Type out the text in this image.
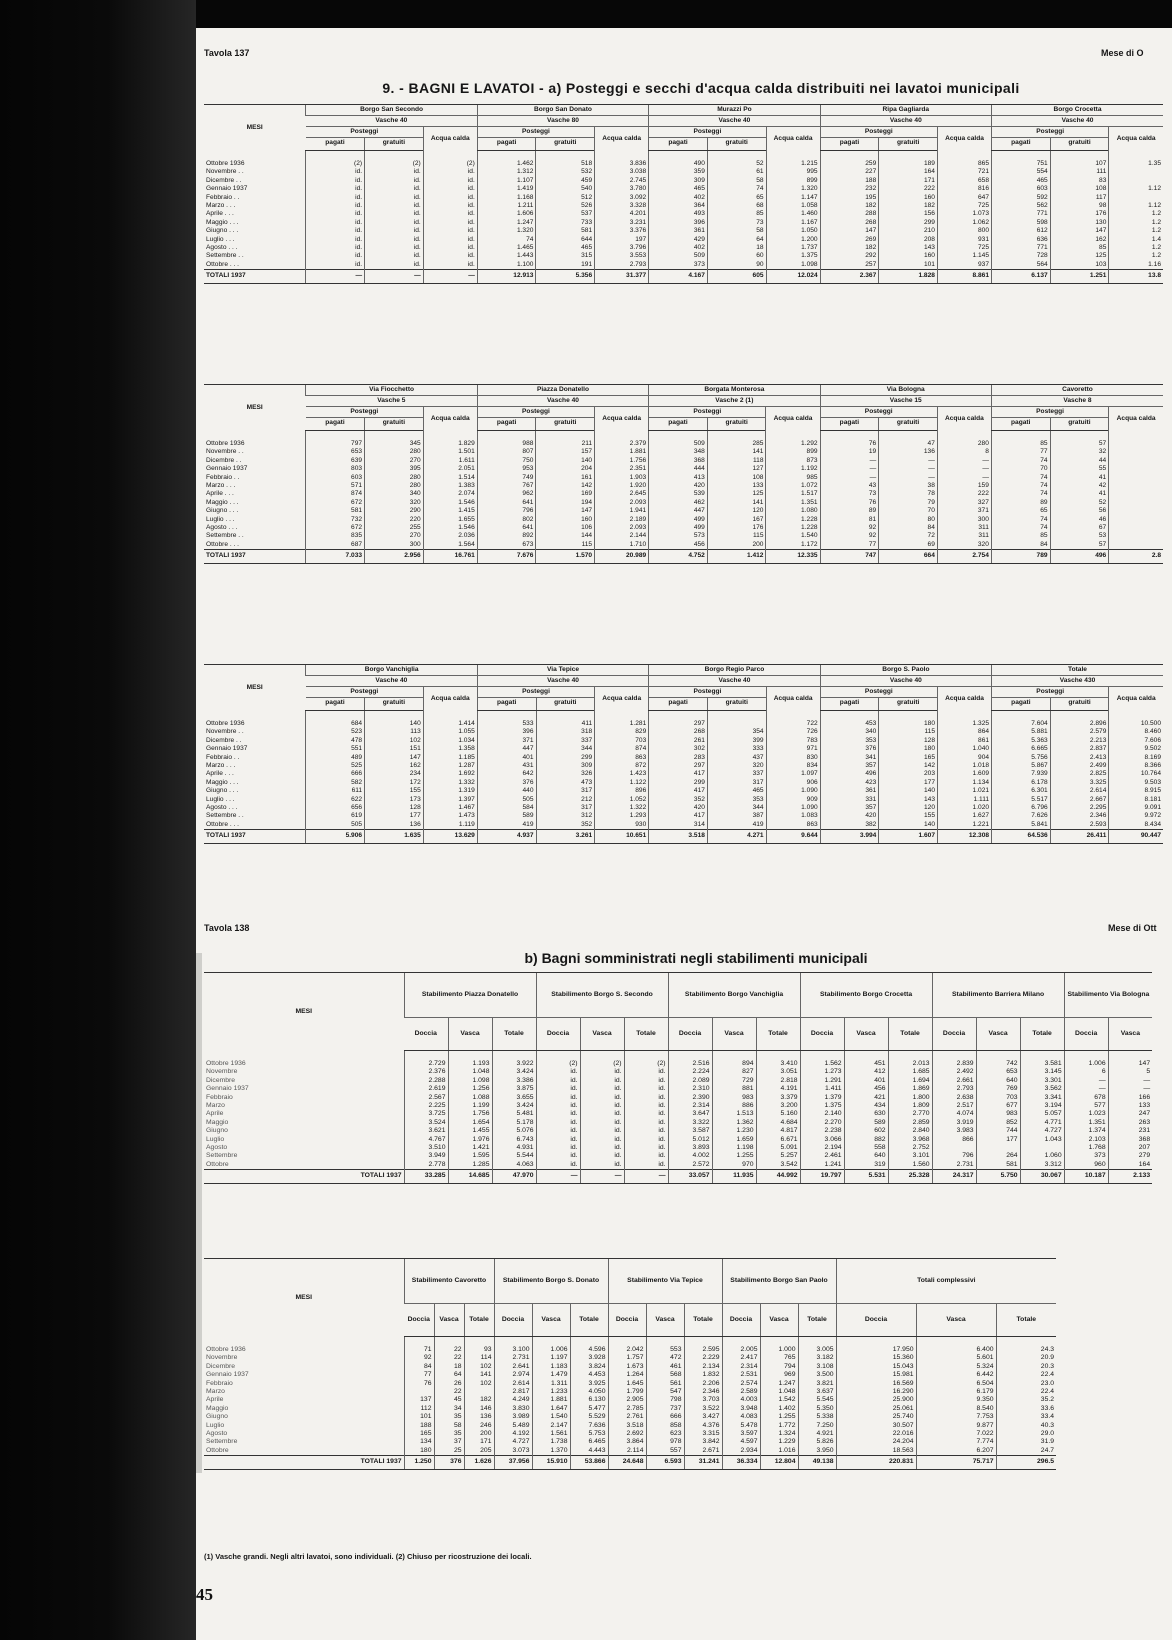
Tavola 137	Mese di O
9. - BAGNI E LAVATOI - a) Posteggi e secchi d'acqua calda distribuiti nei lavatoi municipali
MESI	Borgo San Secondo			Borgo San Donato			Murazzi Po			Ripa Gagliarda			Borgo Crocetta		
	Vasche 40			Vasche 80			Vasche 40			Vasche 40			Vasche 40		
	Posteggi		Acqua calda	Posteggi		Acqua calda	Posteggi		Acqua calda	Posteggi		Acqua calda	Posteggi		Acqua calda
	pagati	gratuiti		pagati	gratuiti		pagati	gratuiti		pagati	gratuiti		pagati	gratuiti	
Ottobre 1936	(2)	(2)	(2)	1.462	518	3.836	490	52	1.215	259	189	865	751	107	1.35
Novembre . .	id.	id.	id.	1.312	532	3.038	359	61	995	227	164	721	554	111	
Dicembre . .	id.	id.	id.	1.107	459	2.745	309	58	899	188	171	658	465	83	
Gennaio 1937	id.	id.	id.	1.419	540	3.780	465	74	1.320	232	222	816	603	108	1.12
Febbraio . .	id.	id.	id.	1.168	512	3.092	402	65	1.147	195	160	647	592	117	
Marzo . . .	id.	id.	id.	1.211	526	3.328	364	68	1.058	182	182	725	562	98	1.12
Aprile . . .	id.	id.	id.	1.606	537	4.201	493	85	1.460	288	156	1.073	771	176	1.2
Maggio . . .	id.	id.	id.	1.247	733	3.231	396	73	1.167	268	299	1.062	598	130	1.2
Giugno . . .	id.	id.	id.	1.320	581	3.376	361	58	1.050	147	210	800	612	147	1.2
Luglio . . .	id.	id.	id.	74	644	197	429	64	1.200	269	208	931	636	162	1.4
Agosto . . .	id.	id.	id.	1.465	465	3.796	402	18	1.737	182	143	725	771	85	1.2
Settembre . .	id.	id.	id.	1.443	315	3.553	509	60	1.375	292	160	1.145	728	125	1.2
Ottobre . . .	id.	id.	id.	1.100	191	2.793	373	90	1.098	257	101	937	564	103	1.16
TOTALI 1937	—	—	—	12.913	5.356	31.377	4.167	605	12.024	2.367	1.828	8.861	6.137	1.251	13.8
MESI	Via Fiocchetto			Piazza Donatello			Borgata Monterosa			Via Bologna			Cavoretto		
	Vasche 5			Vasche 40			Vasche 2 (1)			Vasche 15			Vasche 8		
	Posteggi		Acqua calda	Posteggi		Acqua calda	Posteggi		Acqua calda	Posteggi		Acqua calda	Posteggi		Acqua calda
	pagati	gratuiti		pagati	gratuiti		pagati	gratuiti		pagati	gratuiti		pagati	gratuiti	
Ottobre 1936	797	345	1.829	988	211	2.379	509	285	1.292	76	47	280	85	57	
Novembre . .	653	280	1.501	807	157	1.881	348	141	899	19	136	8	77	32	
Dicembre . .	639	270	1.611	750	140	1.756	368	118	873	—	—	—	74	44	
Gennaio 1937	803	395	2.051	953	204	2.351	444	127	1.192	—	—	—	70	55	
Febbraio . .	603	280	1.514	749	161	1.903	413	108	985	—	—	—	74	41	
Marzo . . .	571	280	1.383	767	142	1.920	420	133	1.072	43	38	159	74	42	
Aprile . . .	874	340	2.074	962	169	2.645	539	125	1.517	73	78	222	74	41	
Maggio . . .	672	320	1.546	641	194	2.093	462	141	1.351	76	79	327	89	52	
Giugno . . .	581	290	1.415	796	147	1.941	447	120	1.080	89	70	371	65	56	
Luglio . . .	732	220	1.655	802	160	2.189	499	167	1.228	81	80	300	74	46	
Agosto . . .	672	255	1.546	641	106	2.093	499	176	1.228	92	84	311	74	67	
Settembre . .	835	270	2.036	892	144	2.144	573	115	1.540	92	72	311	85	53	
Ottobre . . .	687	300	1.564	673	115	1.710	456	200	1.172	77	69	320	84	57	
TOTALI 1937	7.033	2.956	16.761	7.676	1.570	20.989	4.752	1.412	12.335	747	664	2.754	789	496	2.8
MESI	Borgo Vanchiglia			Via Tepice			Borgo Regio Parco			Borgo S. Paolo			Totale		
	Vasche 40			Vasche 40			Vasche 40			Vasche 40			Vasche 430		
	Posteggi		Acqua calda	Posteggi		Acqua calda	Posteggi		Acqua calda	Posteggi		Acqua calda	Posteggi		Acqua calda
	pagati	gratuiti		pagati	gratuiti		pagati	gratuiti		pagati	gratuiti		pagati	gratuiti	
Ottobre 1936	684	140	1.414	533	411	1.281	297		722	453	180	1.325	7.604	2.896	10.500
Novembre . .	523	113	1.055	396	318	829	268	354	726	340	115	864	5.881	2.579	8.460
Dicembre . .	478	102	1.034	371	337	703	261	399	783	353	128	861	5.363	2.213	7.606
Gennaio 1937	551	151	1.358	447	344	874	302	333	971	376	180	1.040	6.665	2.837	9.502
Febbraio . .	489	147	1.185	401	299	863	283	437	830	341	165	904	5.756	2.413	8.169
Marzo . . .	525	162	1.287	431	309	872	297	320	834	357	142	1.018	5.867	2.499	8.366
Aprile . . .	666	234	1.692	642	326	1.423	417	337	1.097	496	203	1.609	7.939	2.825	10.764
Maggio . . .	582	172	1.332	376	473	1.122	299	317	906	423	177	1.134	6.178	3.325	9.503
Giugno . . .	611	155	1.319	440	317	896	417	465	1.090	361	140	1.021	6.301	2.614	8.915
Luglio . . .	622	173	1.397	505	212	1.052	352	353	909	331	143	1.111	5.517	2.667	8.181
Agosto . . .	656	128	1.467	584	317	1.322	420	344	1.090	357	120	1.020	6.796	2.295	9.091
Settembre . .	619	177	1.473	589	312	1.293	417	387	1.083	420	155	1.627	7.626	2.346	9.972
Ottobre . . .	505	136	1.119	419	352	930	314	419	863	382	140	1.221	5.841	2.593	8.434
TOTALI 1937	5.906	1.635	13.629	4.937	3.261	10.651	3.518	4.271	9.644	3.994	1.607	12.308	64.536	26.411	90.447
Tavola 138	Mese di Ott
b) Bagni somministrati negli stabilimenti municipali
MESI	Stabilimento Piazza Donatello			Stabilimento Borgo S. Secondo			Stabilimento Borgo Vanchiglia			Stabilimento Borgo Crocetta			Stabilimento Barriera Milano			Stabilimento Via Bologna	
	Doccia	Vasca	Totale	Doccia	Vasca	Totale	Doccia	Vasca	Totale	Doccia	Vasca	Totale	Doccia	Vasca	Totale	Doccia	Vasca
Ottobre 1936	2.729	1.193	3.922	(2)	(2)	(2)	2.516	894	3.410	1.562	451	2.013	2.839	742	3.581	1.006	147
Novembre	2.376	1.048	3.424	id.	id.	id.	2.224	827	3.051	1.273	412	1.685	2.492	653	3.145	6	5
Dicembre	2.288	1.098	3.386	id.	id.	id.	2.089	729	2.818	1.291	401	1.694	2.661	640	3.301	—	—
Gennaio 1937	2.619	1.256	3.875	id.	id.	id.	2.310	881	4.191	1.411	456	1.869	2.793	769	3.562	—	—
Febbraio	2.567	1.088	3.655	id.	id.	id.	2.390	983	3.379	1.379	421	1.800	2.638	703	3.341	678	166
Marzo	2.225	1.199	3.424	id.	id.	id.	2.314	886	3.200	1.375	434	1.809	2.517	677	3.194	577	133
Aprile	3.725	1.756	5.481	id.	id.	id.	3.647	1.513	5.160	2.140	630	2.770	4.074	983	5.057	1.023	247
Maggio	3.524	1.654	5.178	id.	id.	id.	3.322	1.362	4.684	2.270	589	2.859	3.919	852	4.771	1.351	263
Giugno	3.621	1.455	5.076	id.	id.	id.	3.587	1.230	4.817	2.238	602	2.840	3.983	744	4.727	1.374	231
Luglio	4.767	1.976	6.743	id.	id.	id.	5.012	1.659	6.671	3.066	882	3.968	866	177	1.043	2.103	368
Agosto	3.510	1.421	4.931	id.	id.	id.	3.893	1.198	5.091	2.194	558	2.752				1.768	207
Settembre	3.949	1.595	5.544	id.	id.	id.	4.002	1.255	5.257	2.461	640	3.101	796	264	1.060	373	279
Ottobre	2.778	1.285	4.063	id.	id.	id.	2.572	970	3.542	1.241	319	1.560	2.731	581	3.312	960	164
TOTALI 1937	33.285	14.685	47.970	—	—	—	33.057	11.935	44.992	19.797	5.531	25.328	24.317	5.750	30.067	10.187	2.133
MESI	Stabilimento Cavoretto			Stabilimento Borgo S. Donato			Stabilimento Via Tepice			Stabilimento Borgo San Paolo			Totali complessivi		
	Doccia	Vasca	Totale	Doccia	Vasca	Totale	Doccia	Vasca	Totale	Doccia	Vasca	Totale	Doccia	Vasca	Totale
Ottobre 1936	71	22	93	3.100	1.006	4.596	2.042	553	2.595	2.005	1.000	3.005	17.950	6.400	24.3
Novembre	92	22	114	2.731	1.197	3.928	1.757	472	2.229	2.417	765	3.182	15.360	5.601	20.9
Dicembre	84	18	102	2.641	1.183	3.824	1.673	461	2.134	2.314	794	3.108	15.043	5.324	20.3
Gennaio 1937	77	64	141	2.974	1.479	4.453	1.264	568	1.832	2.531	969	3.500	15.981	6.442	22.4
Febbraio	76	26	102	2.614	1.311	3.925	1.645	561	2.206	2.574	1.247	3.821	16.569	6.504	23.0
Marzo		22		2.817	1.233	4.050	1.799	547	2.346	2.589	1.048	3.637	16.290	6.179	22.4
Aprile	137	45	182	4.249	1.881	6.130	2.905	798	3.703	4.003	1.542	5.545	25.900	9.350	35.2
Maggio	112	34	146	3.830	1.647	5.477	2.785	737	3.522	3.948	1.402	5.350	25.061	8.540	33.6
Giugno	101	35	136	3.989	1.540	5.529	2.761	666	3.427	4.083	1.255	5.338	25.740	7.753	33.4
Luglio	188	58	246	5.489	2.147	7.636	3.518	858	4.376	5.478	1.772	7.250	30.507	9.877	40.3
Agosto	165	35	200	4.192	1.561	5.753	2.692	623	3.315	3.597	1.324	4.921	22.016	7.022	29.0
Settembre	134	37	171	4.727	1.738	6.465	3.864	978	3.842	4.597	1.229	5.826	24.204	7.774	31.9
Ottobre	180	25	205	3.073	1.370	4.443	2.114	557	2.671	2.934	1.016	3.950	18.563	6.207	24.7
TOTALI 1937	1.250	376	1.626	37.956	15.910	53.866	24.648	6.593	31.241	36.334	12.804	49.138	220.831	75.717	296.5
(1) Vasche grandi. Negli altri lavatoi, sono individuali. (2) Chiuso per ricostruzione dei locali.
45
